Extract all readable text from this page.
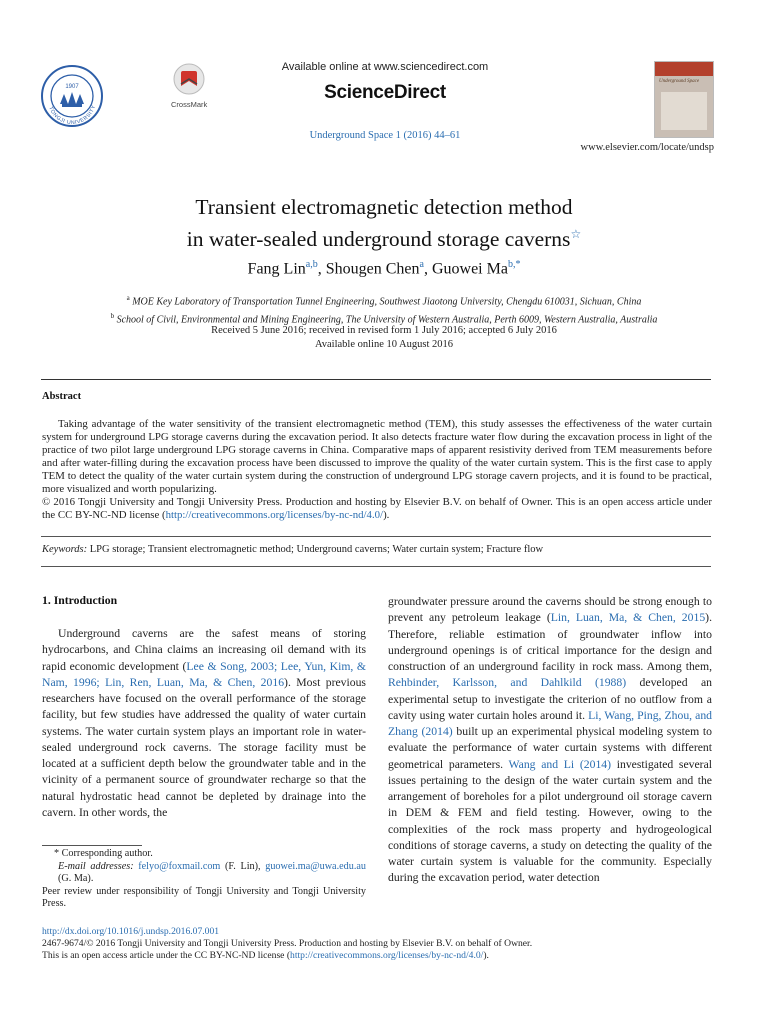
1907
TONGJI UNIVERSITY	CrossMark
Available online at www.sciencedirect.com
ScienceDirect
Underground Space 1 (2016) 44–61
Underground Space
www.elsevier.com/locate/undsp
Transient electromagnetic detection method
in water-sealed underground storage caverns☆
Fang Lin$^{a,b}$, Shougen Chen$^a$, Guowei $Ma^{b,*}$
$^a$ MOE Key Laboratory of Transportation Tunnel Engineering, Southwest Jiaotong University, Chengdu 610031, Sichuan, China
$^b$ School of Civil, Environmental and Mining Engineering, The University of Western Australia, Perth 6009, Western Australia, Australia
Received 5 June 2016; received in revised form 1 July 2016; accepted 6 July 2016
Available online 10 August 2016
Abstract

Taking advantage of the water sensitivity of the transient electromagnetic method (TEM), this study assesses the effectiveness of the water curtain system for underground LPG storage caverns during the excavation period. It also detects fracture water flow during the excavation process in light of the practice of two pilot large underground LPG storage caverns in China. Comparative maps of apparent resistivity derived from TEM measurements before and after water-filling during the excavation process have been discussed to improve the quality of the water curtain system. This is the first case to apply TEM to detect the quality of the water curtain system during the construction of underground LPG storage cavern projects, and it is found to be practical, more visualized and worth popularizing.

© 2016 Tongji University and Tongji University Press. Production and hosting by Elsevier B.V. on behalf of Owner. This is an open access article under the CC BY-NC-ND license (http://creativecommons.org/licenses/by-nc-nd/4.0/).

Keywords: LPG storage; Transient electromagnetic method; Underground caverns; Water curtain system; Fracture flow
1. Introduction

Underground caverns are the safest means of storing hydrocarbons, and China claims an increasing oil demand with its rapid economic development (Lee & Song, 2003; Lee, Yun, Kim, & Nam, 1996; Lin, Ren, Luan, Ma, & Chen, 2016). Most previous researchers have focused on the overall performance of the storage facility, but few studies have addressed the quality of water curtain systems. The water curtain system plays an important role in water-sealed underground rock caverns. The storage facility must be located at a sufficient depth below the groundwater table and in the vicinity of a permanent source of groundwater recharge so that the natural hydrostatic head cannot be depleted by drainage into the cavern. In other words, the

groundwater pressure around the caverns should be strong enough to prevent any petroleum leakage (Lin, Luan, Ma, & Chen, 2015). Therefore, reliable estimation of groundwater inflow into underground openings is of critical importance for the design and construction of an underground facility in rock mass. Among them, Rehbinder, Karlsson, and Dahlkild (1988) developed an experimental setup to investigate the criterion of no outflow from a cavity using water curtain holes around it. Li, Wang, Ping, Zhou, and Zhang (2014) built up an experimental physical modeling system to evaluate the performance of water curtain systems with different geometrical parameters. Wang and Li (2014) investigated several issues pertaining to the design of the water curtain system and the arrangement of boreholes for a pilot underground oil storage cavern in DEM & FEM and field testing. However, owing to the complexities of the rock mass property and hydrogeological conditions of storage caverns, a study on detecting the quality of the water curtain system is valuable for the community. Especially during the excavation period, water detection

* Corresponding author.
E-mail addresses: felyo@foxmail.com (F. Lin), guowei.ma@uwa.edu.au (G. Ma).
Peer review under responsibility of Tongji University and Tongji University Press.
http://dx.doi.org/10.1016/j.undsp.2016.07.001
2467-9674/© 2016 Tongji University and Tongji University Press. Production and hosting by Elsevier B.V. on behalf of Owner.
This is an open access article under the CC BY-NC-ND license (http://creativecommons.org/licenses/by-nc-nd/4.0/).
